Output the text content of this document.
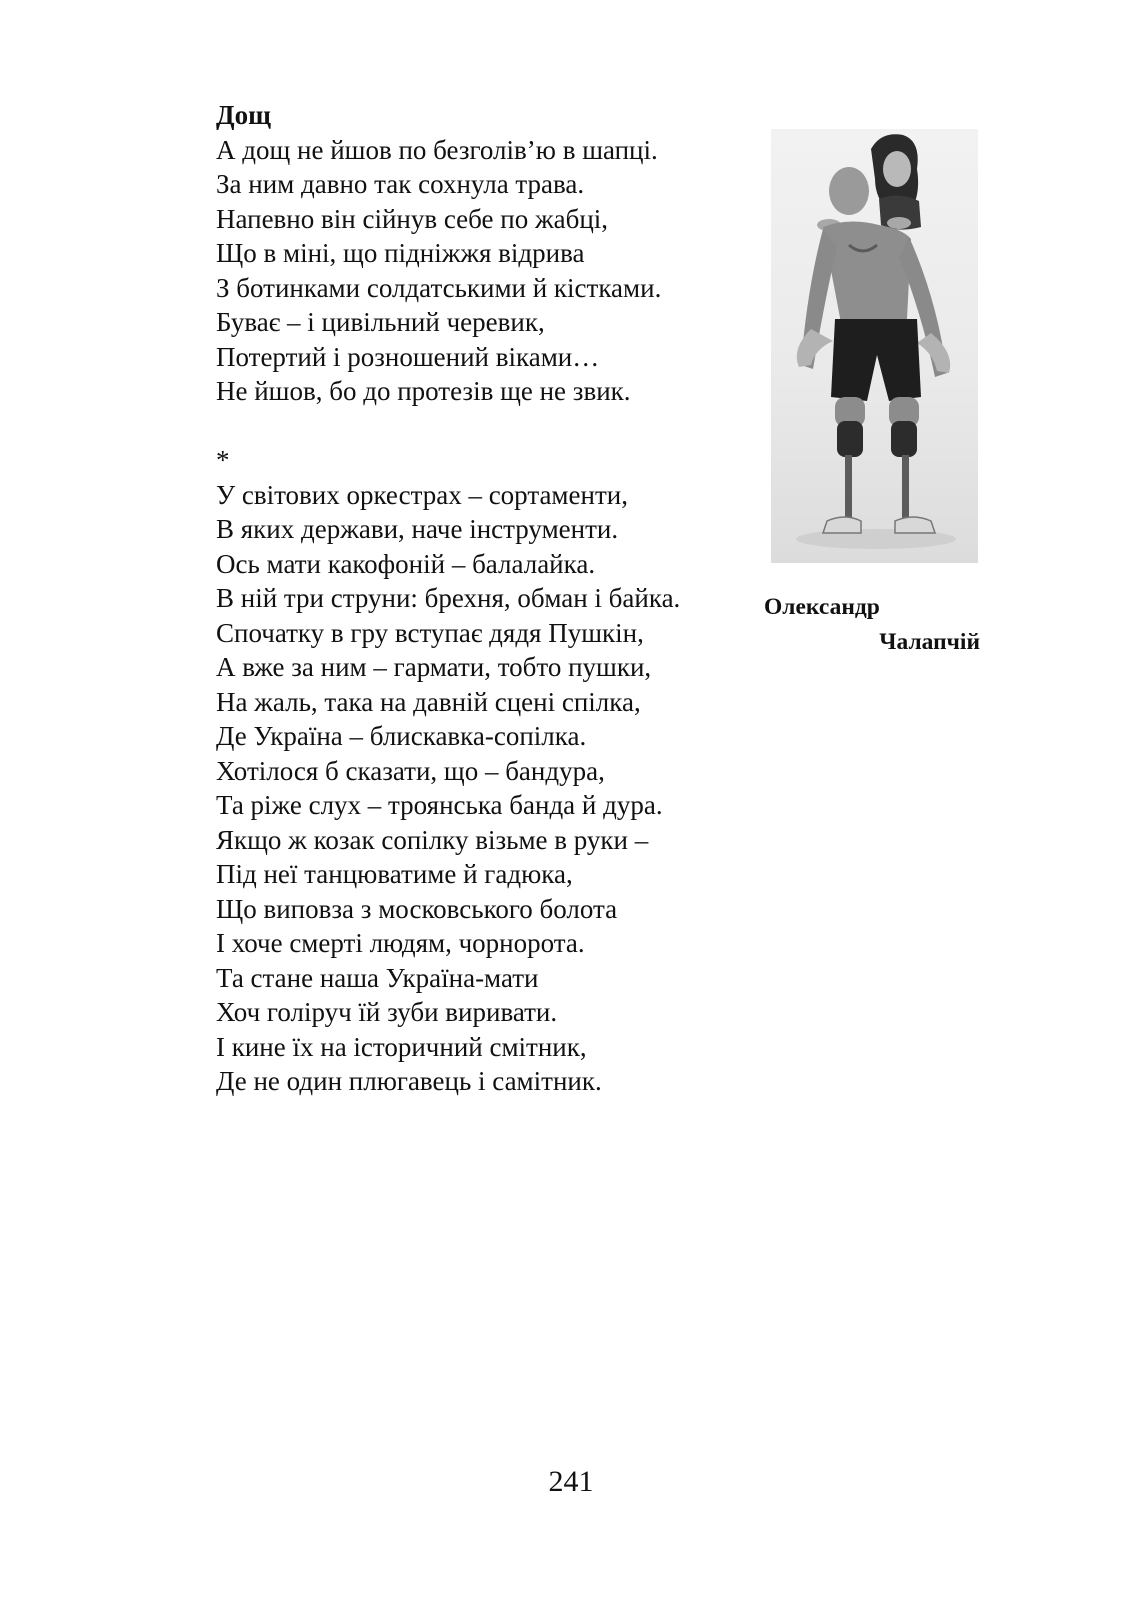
Дощ

А дощ не йшов по безголів’ю в шапці.

За ним давно так сохнула трава.

Напевно він сійнув себе по жабці,

Що в міні, що підніжжя відрива

З ботинками солдатськими й кістками.

Буває – і цивільний черевик,

Потертий і розношений віками…

Не йшов, бо до протезів ще не звик.

*

У світових оркестрах – сортаменти,

В яких держави, наче інструменти.

Ось мати какофоній – балалайка.

В ній три струни: брехня, обман і байка.

Спочатку в гру вступає дядя Пушкін,

А вже за ним – гармати, тобто пушки,

На жаль, така на давній сцені спілка,

Де Україна – блискавка-сопілка.

Хотілося б сказати, що – бандура,

Та ріже слух – троянська банда й дура.

Якщо ж козак сопілку візьме в руки –

Під неї танцюватиме й гадюка,

Що виповза з московського болота

І хоче смерті людям, чорнорота.

Та стане наша Україна-мати

Хоч голіруч їй зуби виривати.

І кине їх на історичний смітник,

Де не один плюгавець і самітник.

Олександр
Чалапчій
241
